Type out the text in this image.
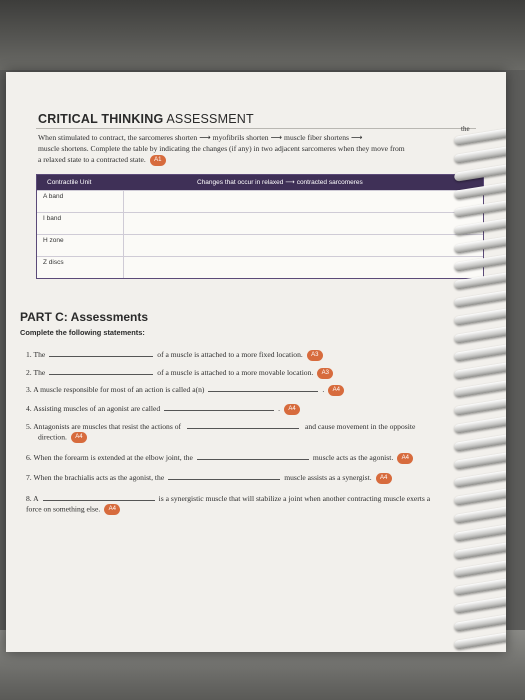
CRITICAL THINKING ASSESSMENT
the
When stimulated to contract, the sarcomeres shorten ⟶ myofibrils shorten ⟶ muscle fiber shortens ⟶
muscle shortens. Complete the table by indicating the changes (if any) in two adjacent sarcomeres when they move from
a relaxed state to a contracted state. A1
Contractile Unit	Changes that occur in relaxed ⟶ contracted sarcomeres
A band
I band
H zone
Z discs
PART C: Assessments
Complete the following statements:
1. The	of a muscle is attached to a more fixed location. A3
2. The	of a muscle is attached to a more movable location. A3
3. A muscle responsible for most of an action is called a(n)	. A4
4. Assisting muscles of an agonist are called	. A4
5. Antagonists are muscles that resist the actions of	and cause movement in the opposite
direction. A4
6. When the forearm is extended at the elbow joint, the	muscle acts as the agonist. A4
7. When the brachialis acts as the agonist, the	muscle assists as a synergist. A4
8. A	is a synergistic muscle that will stabilize a joint when another contracting muscle exerts a
force on something else. A4
